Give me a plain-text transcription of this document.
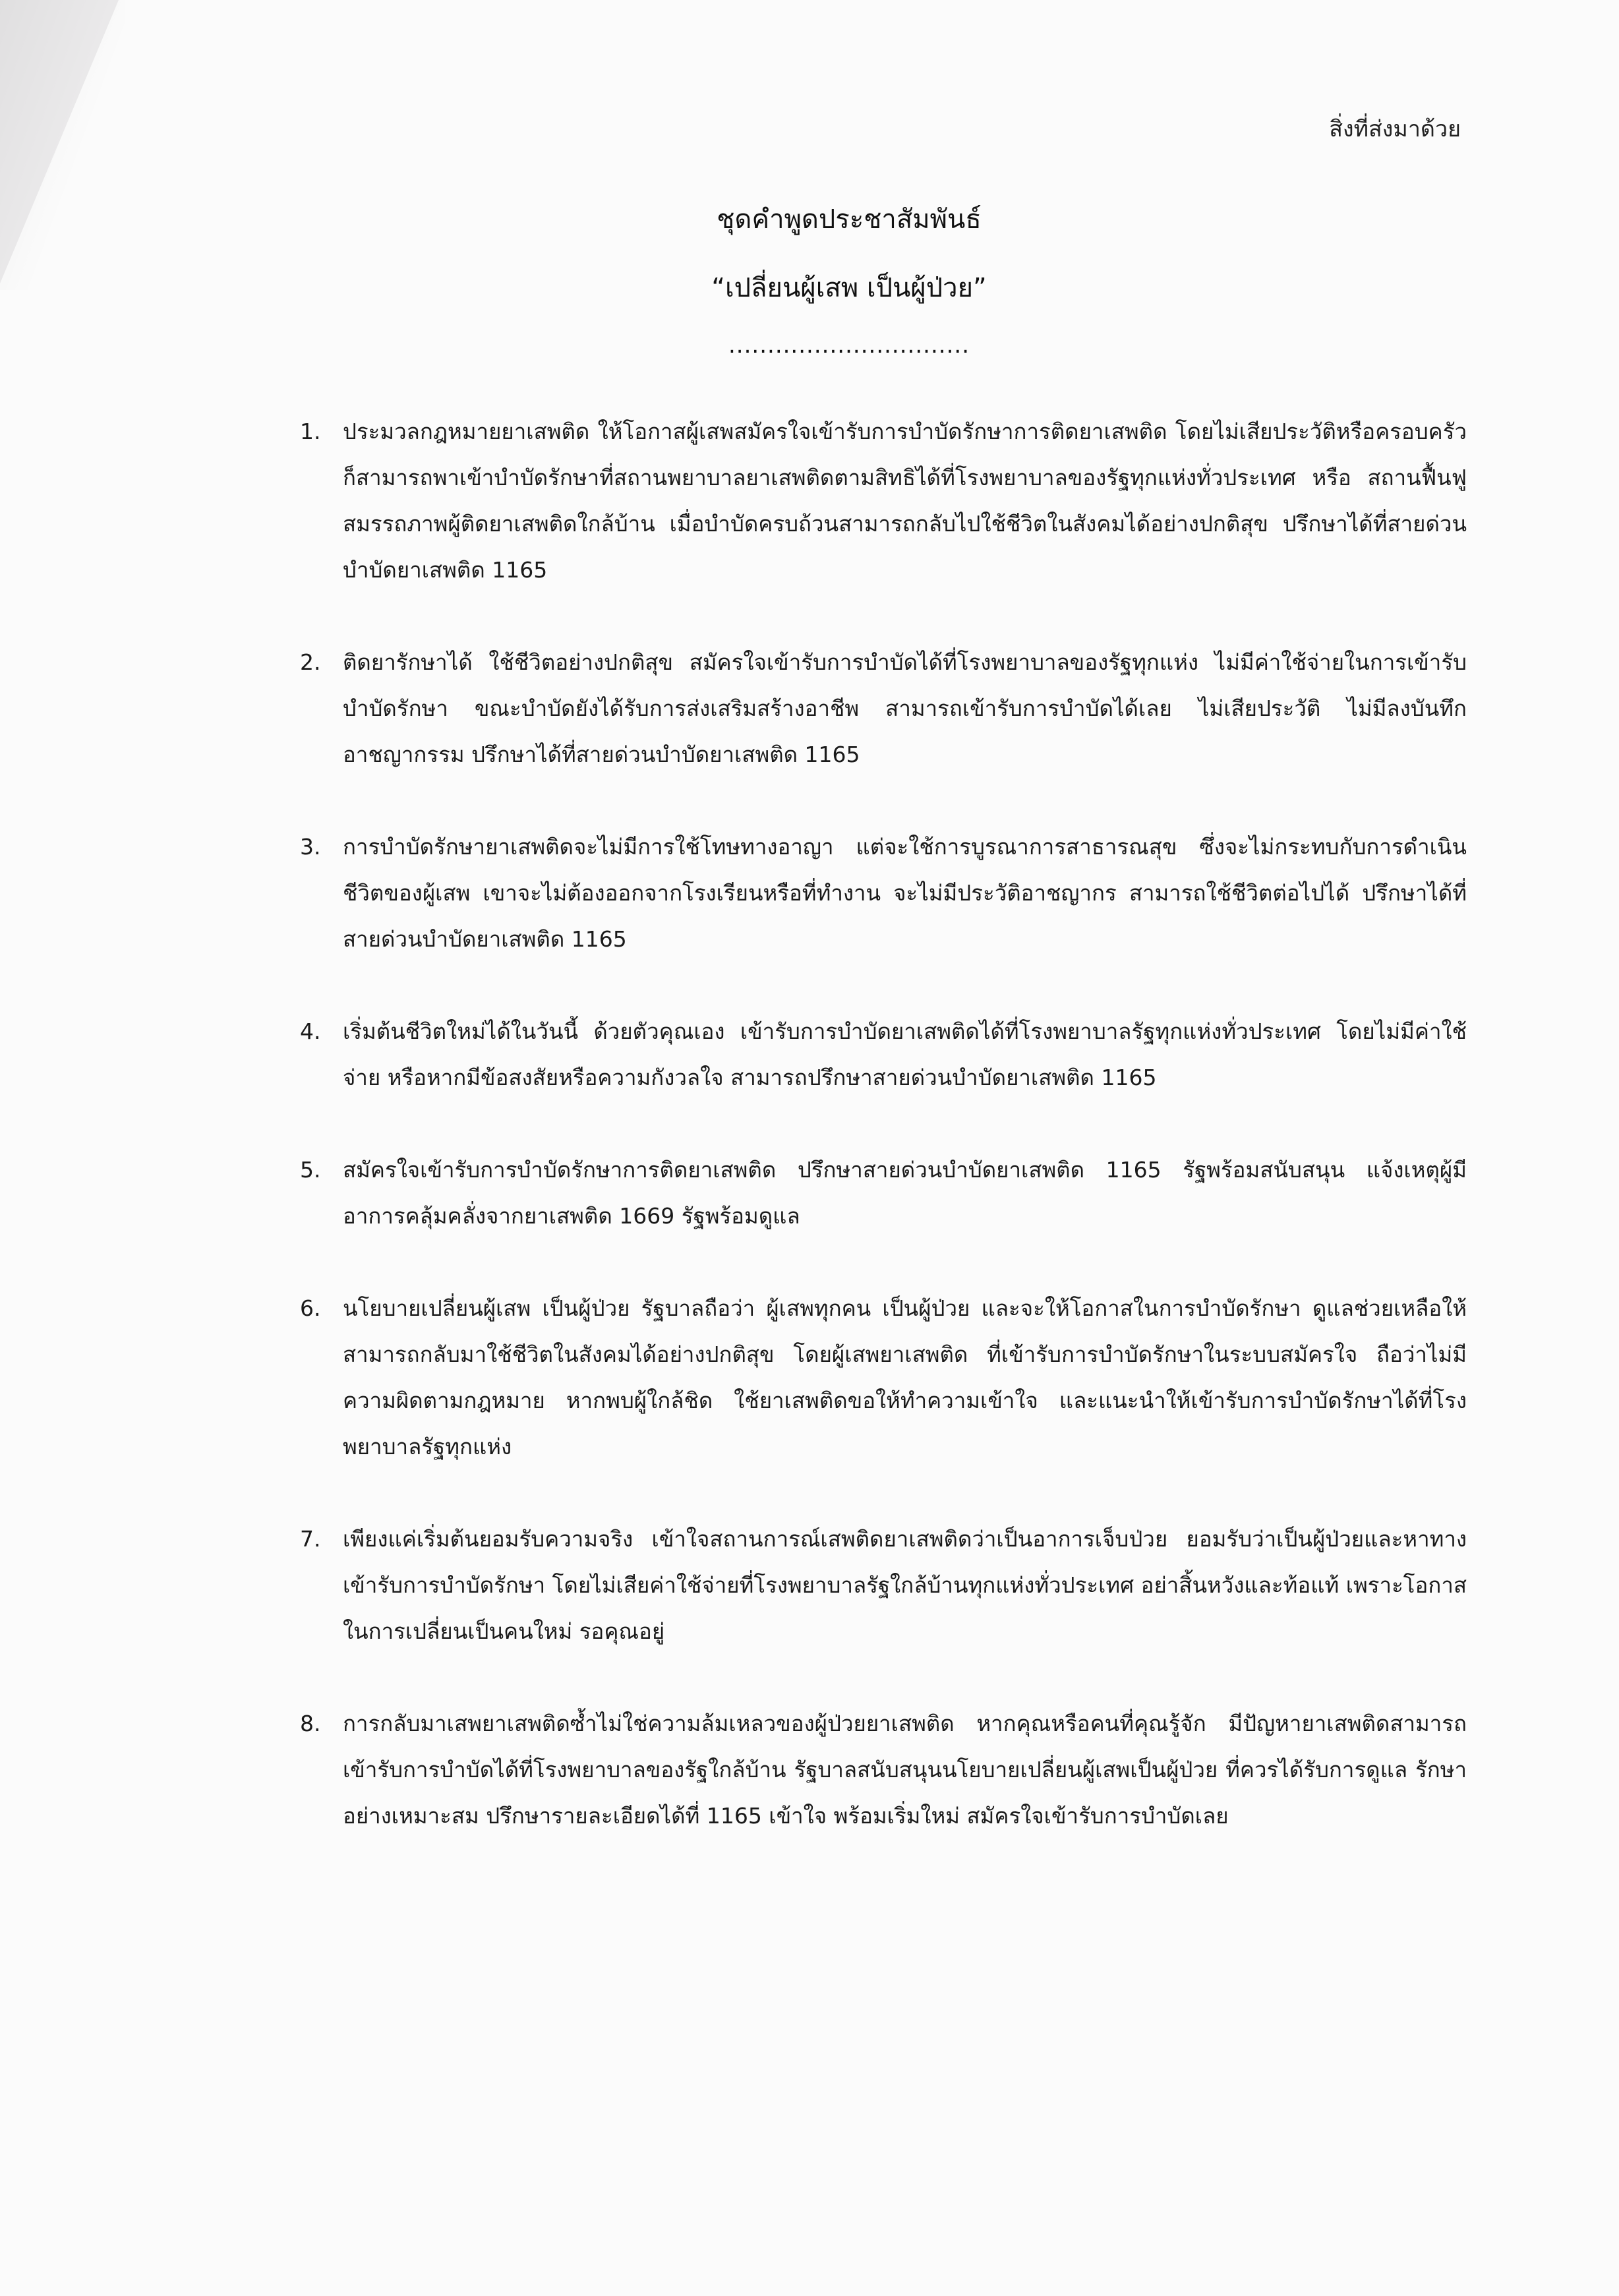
สิ่งที่ส่งมาด้วย
ชุดคำพูดประชาสัมพันธ์
“เปลี่ยนผู้เสพ เป็นผู้ป่วย”
...............................
1. ประมวลกฎหมายยาเสพติด ให้โอกาสผู้เสพสมัครใจเข้ารับการบำบัดรักษาการติดยาเสพติด โดยไม่เสียประวัติหรือครอบครัวก็สามารถพาเข้าบำบัดรักษาที่สถานพยาบาลยาเสพติดตามสิทธิได้ที่โรงพยาบาลของรัฐทุกแห่งทั่วประเทศ หรือ สถานฟื้นฟู สมรรถภาพผู้ติดยาเสพติดใกล้บ้าน เมื่อบำบัดครบถ้วนสามารถกลับไปใช้ชีวิตในสังคมได้อย่างปกติสุข ปรึกษาได้ที่สายด่วนบำบัดยาเสพติด 1165
2. ติดยารักษาได้ ใช้ชีวิตอย่างปกติสุข สมัครใจเข้ารับการบำบัดได้ที่โรงพยาบาลของรัฐทุกแห่ง ไม่มีค่าใช้จ่ายในการเข้ารับบำบัดรักษา ขณะบำบัดยังได้รับการส่งเสริมสร้างอาชีพ สามารถเข้ารับการบำบัดได้เลย ไม่เสียประวัติ ไม่มีลงบันทึกอาชญากรรม ปรึกษาได้ที่สายด่วนบำบัดยาเสพติด 1165
3. การบำบัดรักษายาเสพติดจะไม่มีการใช้โทษทางอาญา แต่จะใช้การบูรณาการสาธารณสุข ซึ่งจะไม่กระทบกับการดำเนินชีวิตของผู้เสพ เขาจะไม่ต้องออกจากโรงเรียนหรือที่ทำงาน จะไม่มีประวัติอาชญากร สามารถใช้ชีวิตต่อไปได้ ปรึกษาได้ที่สายด่วนบำบัดยาเสพติด 1165
4. เริ่มต้นชีวิตใหม่ได้ในวันนี้ ด้วยตัวคุณเอง เข้ารับการบำบัดยาเสพติดได้ที่โรงพยาบาลรัฐทุกแห่งทั่วประเทศ โดยไม่มีค่าใช้จ่าย หรือหากมีข้อสงสัยหรือความกังวลใจ สามารถปรึกษาสายด่วนบำบัดยาเสพติด 1165
5. สมัครใจเข้ารับการบำบัดรักษาการติดยาเสพติด ปรึกษาสายด่วนบำบัดยาเสพติด 1165 รัฐพร้อมสนับสนุน แจ้งเหตุผู้มีอาการคลุ้มคลั่งจากยาเสพติด 1669 รัฐพร้อมดูแล
6. นโยบายเปลี่ยนผู้เสพ เป็นผู้ป่วย รัฐบาลถือว่า ผู้เสพทุกคน เป็นผู้ป่วย และจะให้โอกาสในการบำบัดรักษา ดูแลช่วยเหลือให้สามารถกลับมาใช้ชีวิตในสังคมได้อย่างปกติสุข โดยผู้เสพยาเสพติด ที่เข้ารับการบำบัดรักษาในระบบสมัครใจ ถือว่าไม่มีความผิดตามกฎหมาย หากพบผู้ใกล้ชิด ใช้ยาเสพติดขอให้ทำความเข้าใจ และแนะนำให้เข้ารับการบำบัดรักษาได้ที่โรงพยาบาลรัฐทุกแห่ง
7. เพียงแค่เริ่มต้นยอมรับความจริง เข้าใจสถานการณ์เสพติดยาเสพติดว่าเป็นอาการเจ็บป่วย ยอมรับว่าเป็นผู้ป่วยและหาทางเข้ารับการบำบัดรักษา โดยไม่เสียค่าใช้จ่ายที่โรงพยาบาลรัฐใกล้บ้านทุกแห่งทั่วประเทศ อย่าสิ้นหวังและท้อแท้ เพราะโอกาสในการเปลี่ยนเป็นคนใหม่ รอคุณอยู่
8. การกลับมาเสพยาเสพติดซ้ำไม่ใช่ความล้มเหลวของผู้ป่วยยาเสพติด หากคุณหรือคนที่คุณรู้จัก มีปัญหายาเสพติดสามารถเข้ารับการบำบัดได้ที่โรงพยาบาลของรัฐใกล้บ้าน รัฐบาลสนับสนุนนโยบายเปลี่ยนผู้เสพเป็นผู้ป่วย ที่ควรได้รับการดูแล รักษาอย่างเหมาะสม ปรึกษารายละเอียดได้ที่ 1165 เข้าใจ พร้อมเริ่มใหม่ สมัครใจเข้ารับการบำบัดเลย
